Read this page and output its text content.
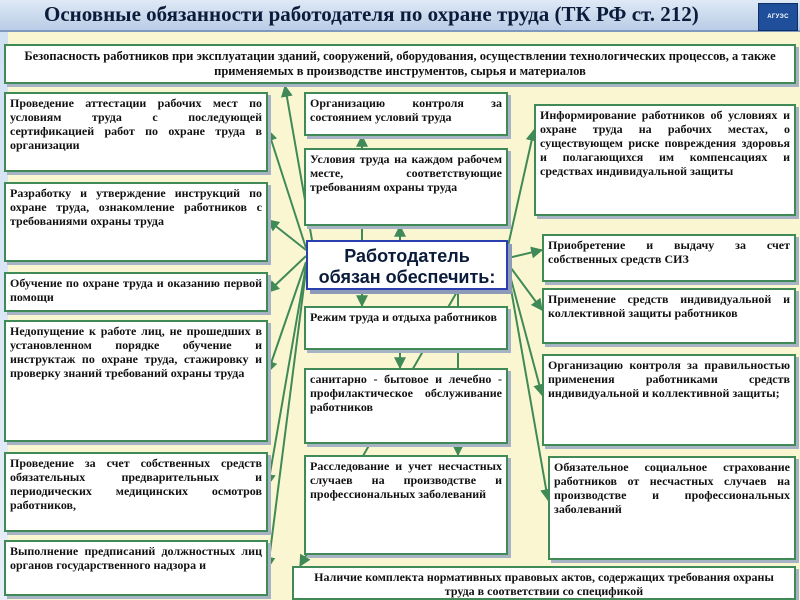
Основные обязанности работодателя по охране труда (ТК РФ ст. 212)	АГУЭС
Безопасность работников при эксплуатации зданий, сооружений, оборудования, осуществлении технологических процессов, а также применяемых в производстве инструментов, сырья и материалов
Проведение аттестации рабочих мест по условиям труда с последующей сертификацией работ по охране труда в организации
Разработку и утверждение инструкций по охране труда, ознакомление работников с требованиями охраны труда
Обучение по охране труда и оказанию первой помощи
Недопущение к работе лиц, не прошедших в установленном порядке обучение и инструктаж по охране труда, стажировку и проверку знаний требований охраны труда
Проведение за счет собственных средств обязательных предварительных и периодических медицинских осмотров работников,
Выполнение предписаний должностных лиц органов государственного надзора и
Организацию контроля за состоянием условий труда
Условия труда на каждом рабочем месте, соответствующие требованиям охраны труда
Работодатель обязан обеспечить:
Режим труда и отдыха работников
санитарно - бытовое и лечебно - профилактическое обслуживание работников
Расследование и учет несчастных случаев на производстве и профессиональных заболеваний
Информирование работников об условиях и охране труда на рабочих местах, о существующем риске повреждения здоровья и полагающихся им компенсациях и средствах индивидуальной защиты
Приобретение и выдачу за счет собственных средств СИЗ
Применение средств индивидуальной и коллективной защиты работников
Организацию контроля за правильностью применения работниками средств индивидуальной и коллективной защиты;
Обязательное социальное страхование работников от несчастных случаев на производстве и профессиональных заболеваний
Наличие комплекта нормативных правовых актов, содержащих требования охраны труда в соответствии со спецификой
